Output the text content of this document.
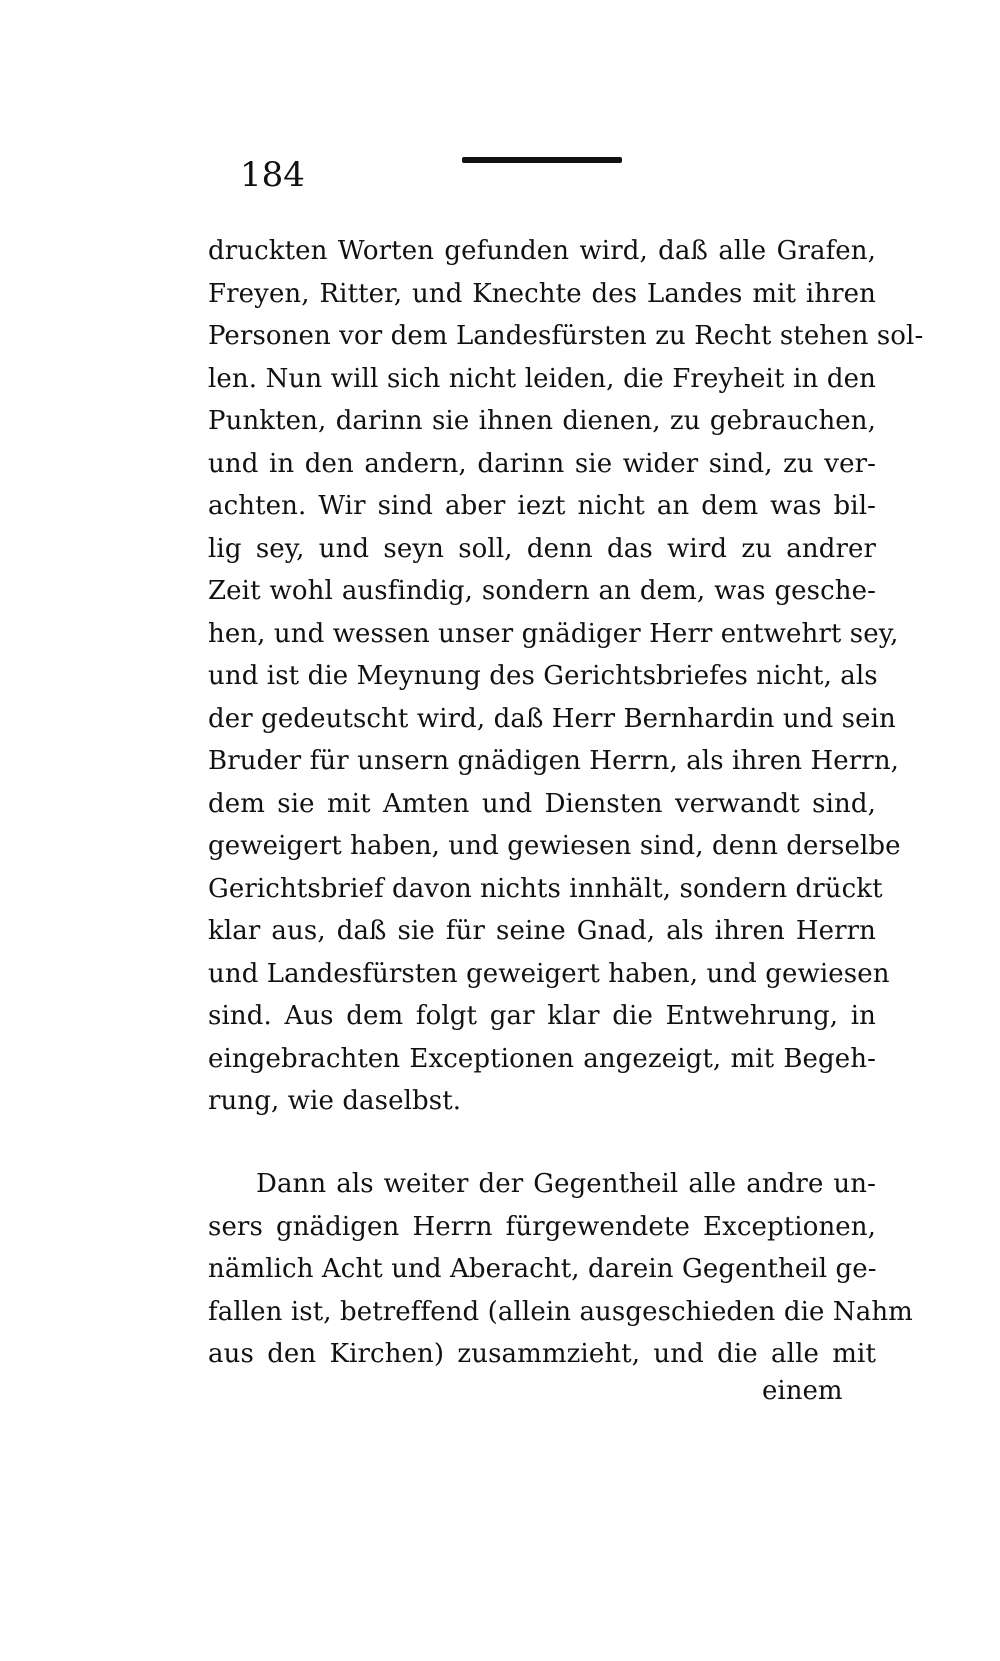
184
druckten Worten gefunden wird, daß alle Grafen,
Freyen, Ritter, und Knechte des Landes mit ihren
Personen vor dem Landesfürsten zu Recht stehen sol-
len. Nun will sich nicht leiden, die Freyheit in den
Punkten, darinn sie ihnen dienen, zu gebrauchen,
und in den andern, darinn sie wider sind, zu ver-
achten. Wir sind aber iezt nicht an dem was bil-
lig sey, und seyn soll, denn das wird zu andrer
Zeit wohl ausfindig, sondern an dem, was gesche-
hen, und wessen unser gnädiger Herr entwehrt sey,
und ist die Meynung des Gerichtsbriefes nicht, als
der gedeutscht wird, daß Herr Bernhardin und sein
Bruder für unsern gnädigen Herrn, als ihren Herrn,
dem sie mit Amten und Diensten verwandt sind,
geweigert haben, und gewiesen sind, denn derselbe
Gerichtsbrief davon nichts innhält, sondern drückt
klar aus, daß sie für seine Gnad, als ihren Herrn
und Landesfürsten geweigert haben, und gewiesen
sind. Aus dem folgt gar klar die Entwehrung, in
eingebrachten Exceptionen angezeigt, mit Begeh-
rung, wie daselbst.
Dann als weiter der Gegentheil alle andre un-
sers gnädigen Herrn fürgewendete Exceptionen,
nämlich Acht und Aberacht, darein Gegentheil ge-
fallen ist, betreffend (allein ausgeschieden die Nahm
aus den Kirchen) zusammzieht, und die alle mit
einem
